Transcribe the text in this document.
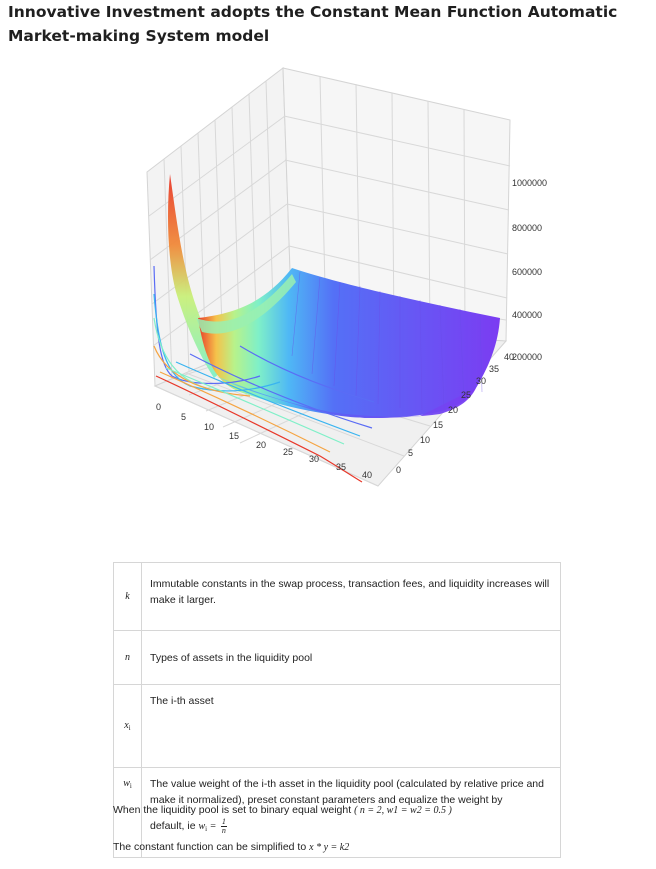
Innovative Investment adopts the Constant Mean Function Automatic Market-making System model
200000
400000
600000
800000
1000000
0
5
10
15
20
25
30
35
40	0
5
10
15
20
25
30
35
40
k	Immutable constants in the swap process, transaction fees, and liquidity increases will make it larger.
n	Types of assets in the liquidity pool
$x_i$	The i-th asset
$w_i$	The value weight of the i-th asset in the liquidity pool (calculated by relative price and make it normalized), preset constant parameters and equalize the weight by
default, ie $w_i = \frac{1}{n}$

When the liquidity pool is set to binary equal weight ( n = 2, w1 = w2 = 0.5 )

The constant function can be simplified to x * y = k2
